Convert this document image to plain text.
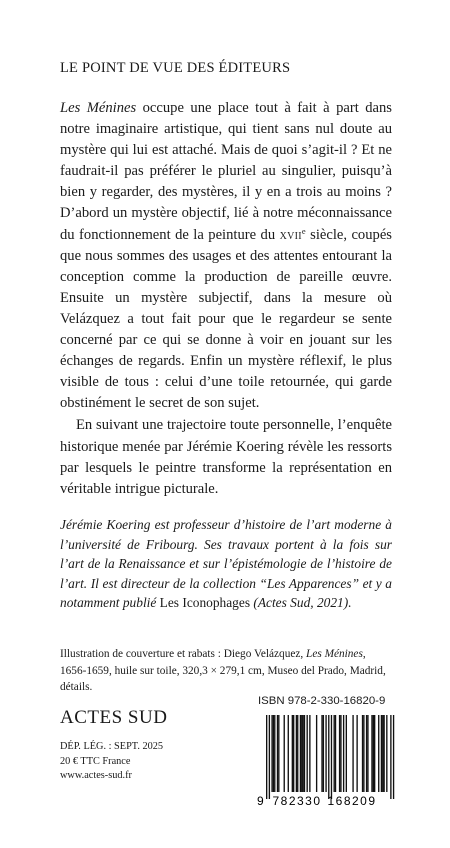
LE POINT DE VUE DES ÉDITEURS

Les Ménines occupe une place tout à fait à part dans notre imaginaire artistique, qui tient sans nul doute au mystère qui lui est attaché. Mais de quoi s’agit-il ? Et ne faudrait-il pas préférer le pluriel au singulier, puisqu’à bien y regarder, des mystères, il y en a trois au moins ? D’abord un mystère objectif, lié à notre méconnaissance du fonctionnement de la peinture du xvii$^e$ siècle, coupés que nous sommes des usages et des attentes entourant la conception comme la production de pareille œuvre. Ensuite un mystère subjectif, dans la mesure où Velázquez a tout fait pour que le regardeur se sente concerné par ce qui se donne à voir en jouant sur les échanges de regards. Enfin un mystère réflexif, le plus visible de tous : celui d’une toile retournée, qui garde obstinément le secret de son sujet.

En suivant une trajectoire toute personnelle, l’enquête historique menée par Jérémie Koering révèle les ressorts par lesquels le peintre transforme la représentation en véritable intrigue picturale.

Jérémie Koering est professeur d’histoire de l’art moderne à l’université de Fribourg. Ses travaux portent à la fois sur l’art de la Renaissance et sur l’épistémologie de l’histoire de l’art. Il est directeur de la collection “Les Apparences” et y a notamment publié Les Iconophages (Actes Sud, 2021).
Illustration de couverture et rabats : Diego Velázquez, Les Ménines, 1656-1659, huile sur toile, 320,3 × 279,1 cm, Museo del Prado, Madrid, détails.
ISBN 978-2-330-16820-9
9 782330 168209
ACTES SUD
DÉP. LÉG. : SEPT. 2025
20 € TTC France
www.actes-sud.fr
